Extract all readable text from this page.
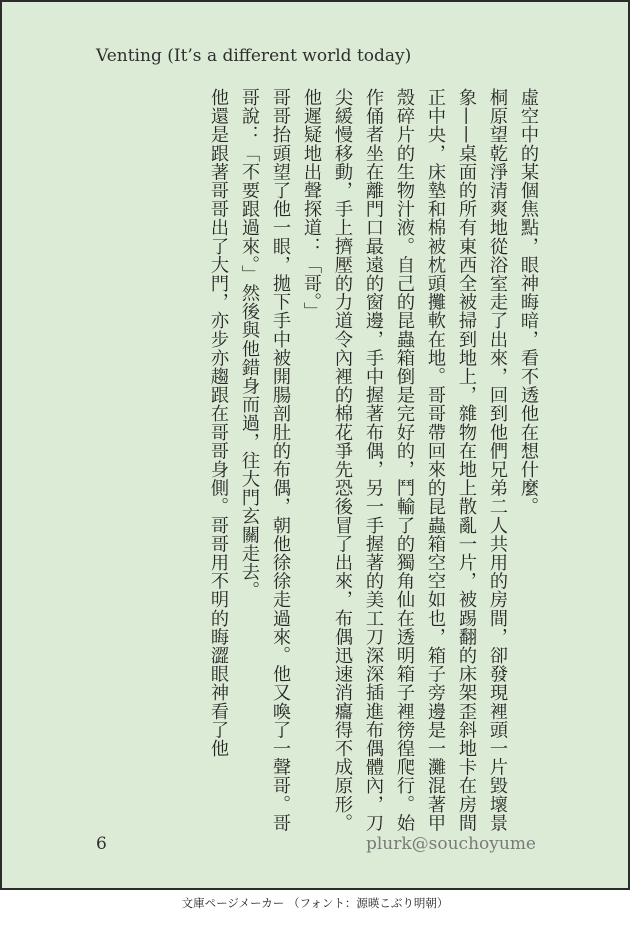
Venting (It’s a different world today)

虛空中的某個焦點，眼神晦暗，看不透他在想什麼。

桐原望乾淨清爽地從浴室走了出來，回到他們兄弟二人共用的房間，卻發現裡頭一片毀壞景象——桌面的所有東西全被掃到地上，雜物在地上散亂一片，被踢翻的床架歪斜地卡在房間正中央，床墊和棉被枕頭攤軟在地。哥哥帶回來的昆蟲箱空空如也，箱子旁邊是一灘混著甲殼碎片的生物汁液。自己的昆蟲箱倒是完好的，鬥輸了的獨角仙在透明箱子裡徬徨爬行。始作俑者坐在離門口最遠的窗邊，手中握著布偶，另一手握著的美工刀深深插進布偶體內，刀尖緩慢移動，手上擠壓的力道令內裡的棉花爭先恐後冒了出來，布偶迅速消癟得不成原形。

他遲疑地出聲探道：「哥。」

哥哥抬頭望了他一眼，拋下手中被開腸剖肚的布偶，朝他徐徐走過來。他又喚了一聲哥。哥哥說：「不要跟過來。」然後與他錯身而過，往大門玄關走去。

他還是跟著哥哥出了大門，亦步亦趨跟在哥哥身側。哥哥用不明的晦澀眼神看了他

6	plurk@souchoyume
文庫ページメーカー （フォント：源暎こぶり明朝）
